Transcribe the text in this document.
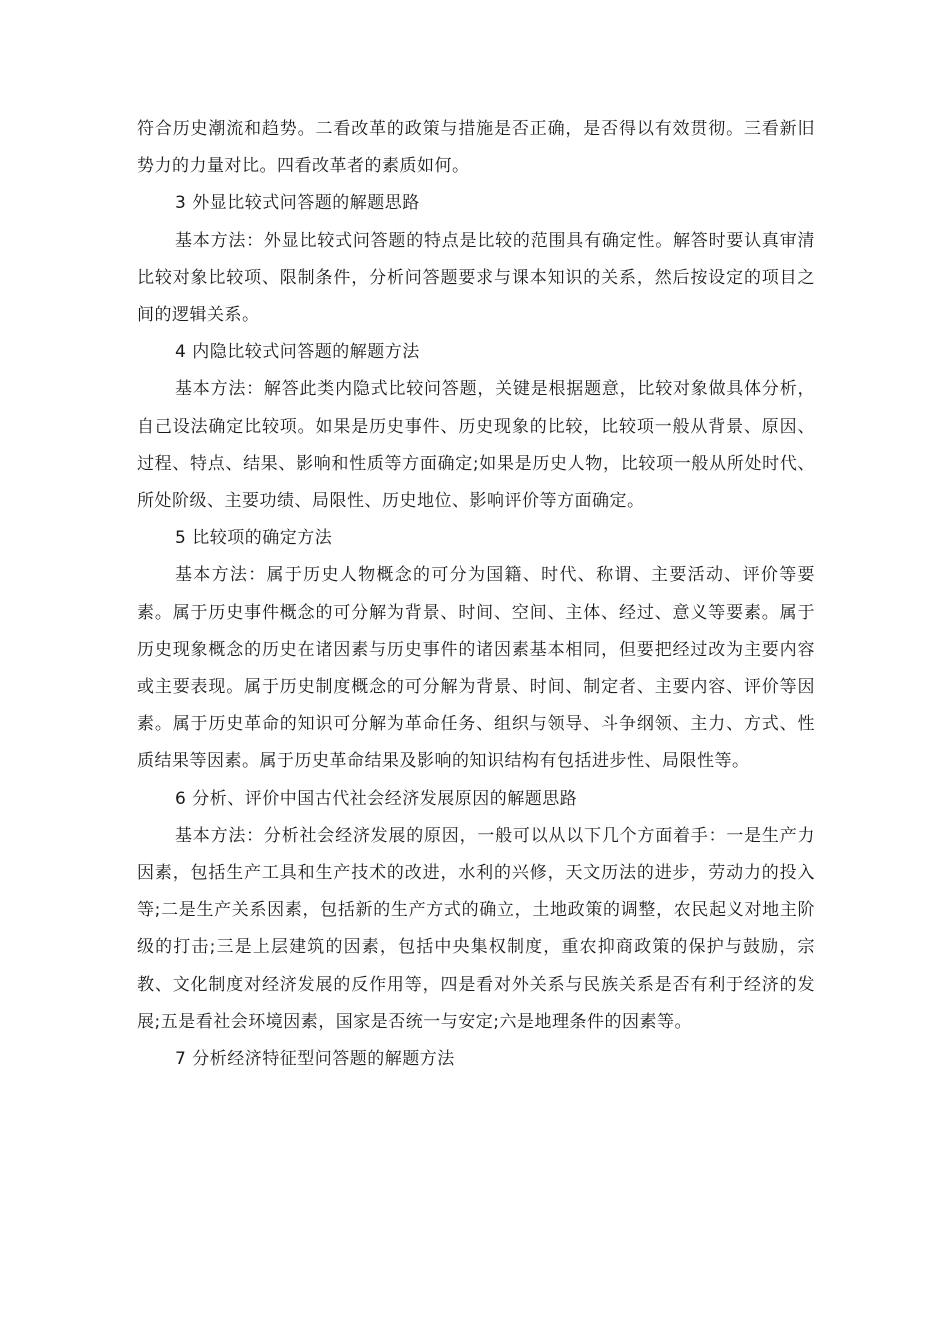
符合历史潮流和趋势。二看改革的政策与措施是否正确，是否得以有效贯彻。三看新旧势力的力量对比。四看改革者的素质如何。

3 外显比较式问答题的解题思路

基本方法：外显比较式问答题的特点是比较的范围具有确定性。解答时要认真审清比较对象比较项、限制条件，分析问答题要求与课本知识的关系，然后按设定的项目之间的逻辑关系。

4 内隐比较式问答题的解题方法

基本方法：解答此类内隐式比较问答题，关键是根据题意，比较对象做具体分析，自己设法确定比较项。如果是历史事件、历史现象的比较，比较项一般从背景、原因、过程、特点、结果、影响和性质等方面确定;如果是历史人物，比较项一般从所处时代、所处阶级、主要功绩、局限性、历史地位、影响评价等方面确定。

5 比较项的确定方法

基本方法：属于历史人物概念的可分为国籍、时代、称谓、主要活动、评价等要素。属于历史事件概念的可分解为背景、时间、空间、主体、经过、意义等要素。属于历史现象概念的历史在诸因素与历史事件的诸因素基本相同，但要把经过改为主要内容或主要表现。属于历史制度概念的可分解为背景、时间、制定者、主要内容、评价等因素。属于历史革命的知识可分解为革命任务、组织与领导、斗争纲领、主力、方式、性质结果等因素。属于历史革命结果及影响的知识结构有包括进步性、局限性等。

6 分析、评价中国古代社会经济发展原因的解题思路

基本方法：分析社会经济发展的原因，一般可以从以下几个方面着手：一是生产力因素，包括生产工具和生产技术的改进，水利的兴修，天文历法的进步，劳动力的投入等;二是生产关系因素，包括新的生产方式的确立，土地政策的调整，农民起义对地主阶级的打击;三是上层建筑的因素，包括中央集权制度，重农抑商政策的保护与鼓励，宗教、文化制度对经济发展的反作用等，四是看对外关系与民族关系是否有利于经济的发展;五是看社会环境因素，国家是否统一与安定;六是地理条件的因素等。

7 分析经济特征型问答题的解题方法
